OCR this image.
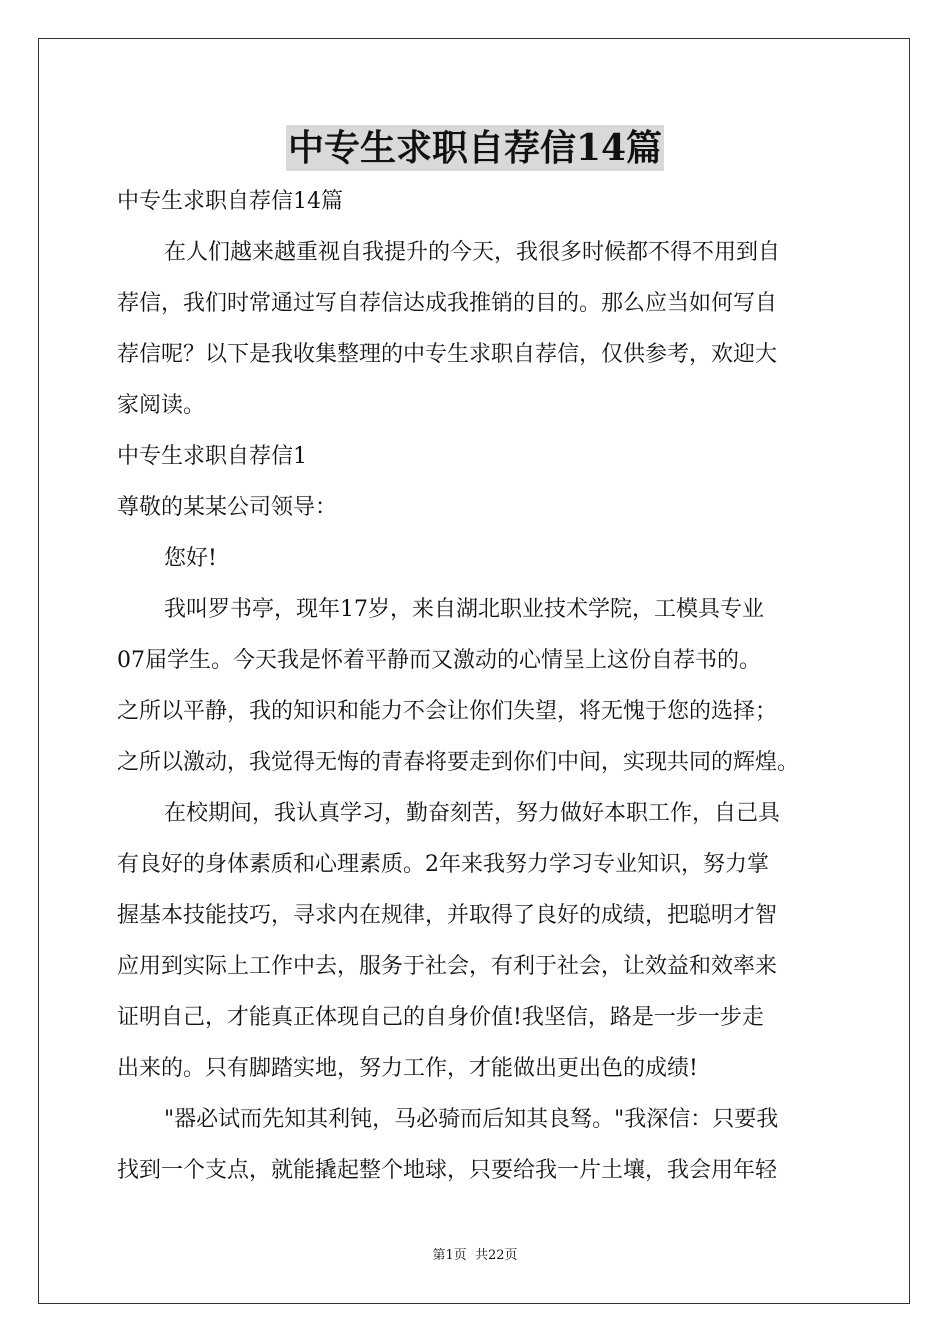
中专生求职自荐信14篇
中专生求职自荐信14篇
在人们越来越重视自我提升的今天，我很多时候都不得不用到自
荐信，我们时常通过写自荐信达成我推销的目的。那么应当如何写自
荐信呢？以下是我收集整理的中专生求职自荐信，仅供参考，欢迎大
家阅读。
中专生求职自荐信1
尊敬的某某公司领导：
您好!
我叫罗书亭，现年17岁，来自湖北职业技术学院，工模具专业
07届学生。今天我是怀着平静而又激动的心情呈上这份自荐书的。
之所以平静，我的知识和能力不会让你们失望，将无愧于您的选择；
之所以激动，我觉得无悔的青春将要走到你们中间，实现共同的辉煌。
在校期间，我认真学习，勤奋刻苦，努力做好本职工作，自己具
有良好的身体素质和心理素质。2年来我努力学习专业知识，努力掌
握基本技能技巧，寻求内在规律，并取得了良好的成绩，把聪明才智
应用到实际上工作中去，服务于社会，有利于社会，让效益和效率来
证明自己，才能真正体现自己的自身价值!我坚信，路是一步一步走
出来的。只有脚踏实地，努力工作，才能做出更出色的成绩!
"器必试而先知其利钝，马必骑而后知其良驽。"我深信：只要我
找到一个支点，就能撬起整个地球，只要给我一片土壤，我会用年轻
第1页 共22页
